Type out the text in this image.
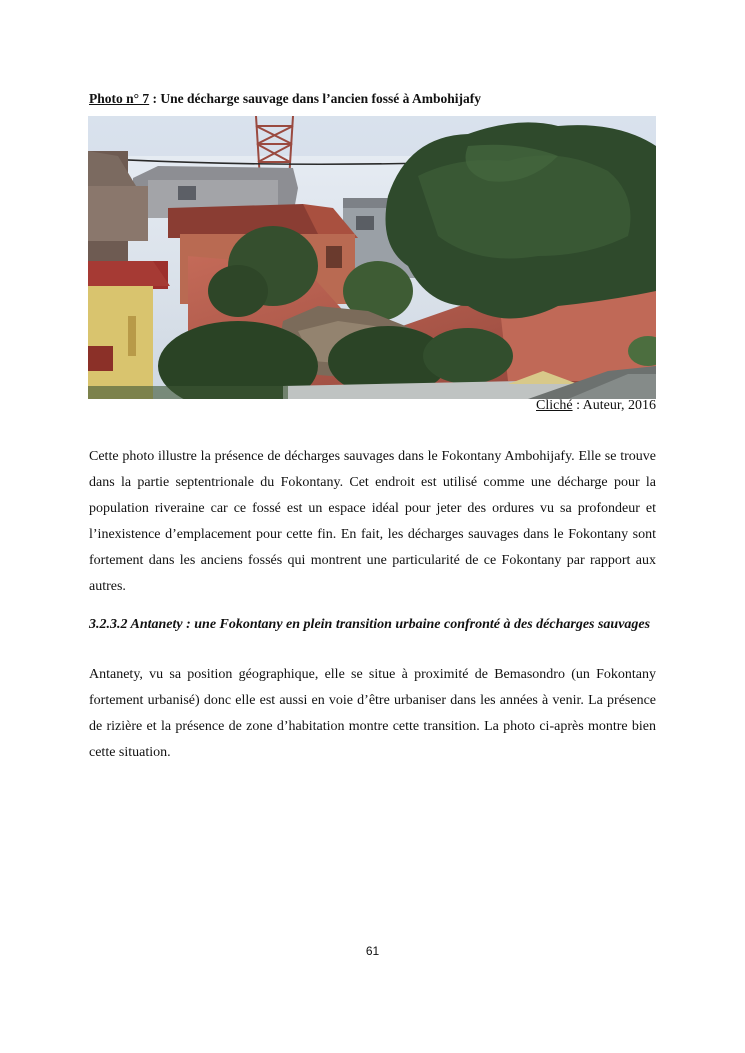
Photo n° 7 : Une décharge sauvage dans l’ancien fossé à Ambohijafy
Cliché : Auteur, 2016

Cette photo illustre la présence de décharges sauvages dans le Fokontany Ambohijafy. Elle se trouve dans la partie septentrionale du Fokontany. Cet endroit est utilisé comme une décharge pour la population riveraine car ce fossé est un espace idéal pour jeter des ordures vu sa profondeur et l’inexistence d’emplacement pour cette fin. En fait, les décharges sauvages dans le Fokontany sont fortement dans les anciens fossés qui montrent une particularité de ce Fokontany par rapport aux autres.

3.2.3.2 Antanety : une Fokontany en plein transition urbaine confronté à des décharges sauvages

Antanety, vu sa position géographique, elle se situe à proximité de Bemasondro (un Fokontany fortement urbanisé) donc elle est aussi en voie d’être urbaniser dans les années à venir. La présence de rizière et la présence de zone d’habitation montre cette transition. La photo ci-après montre bien cette situation.

61
